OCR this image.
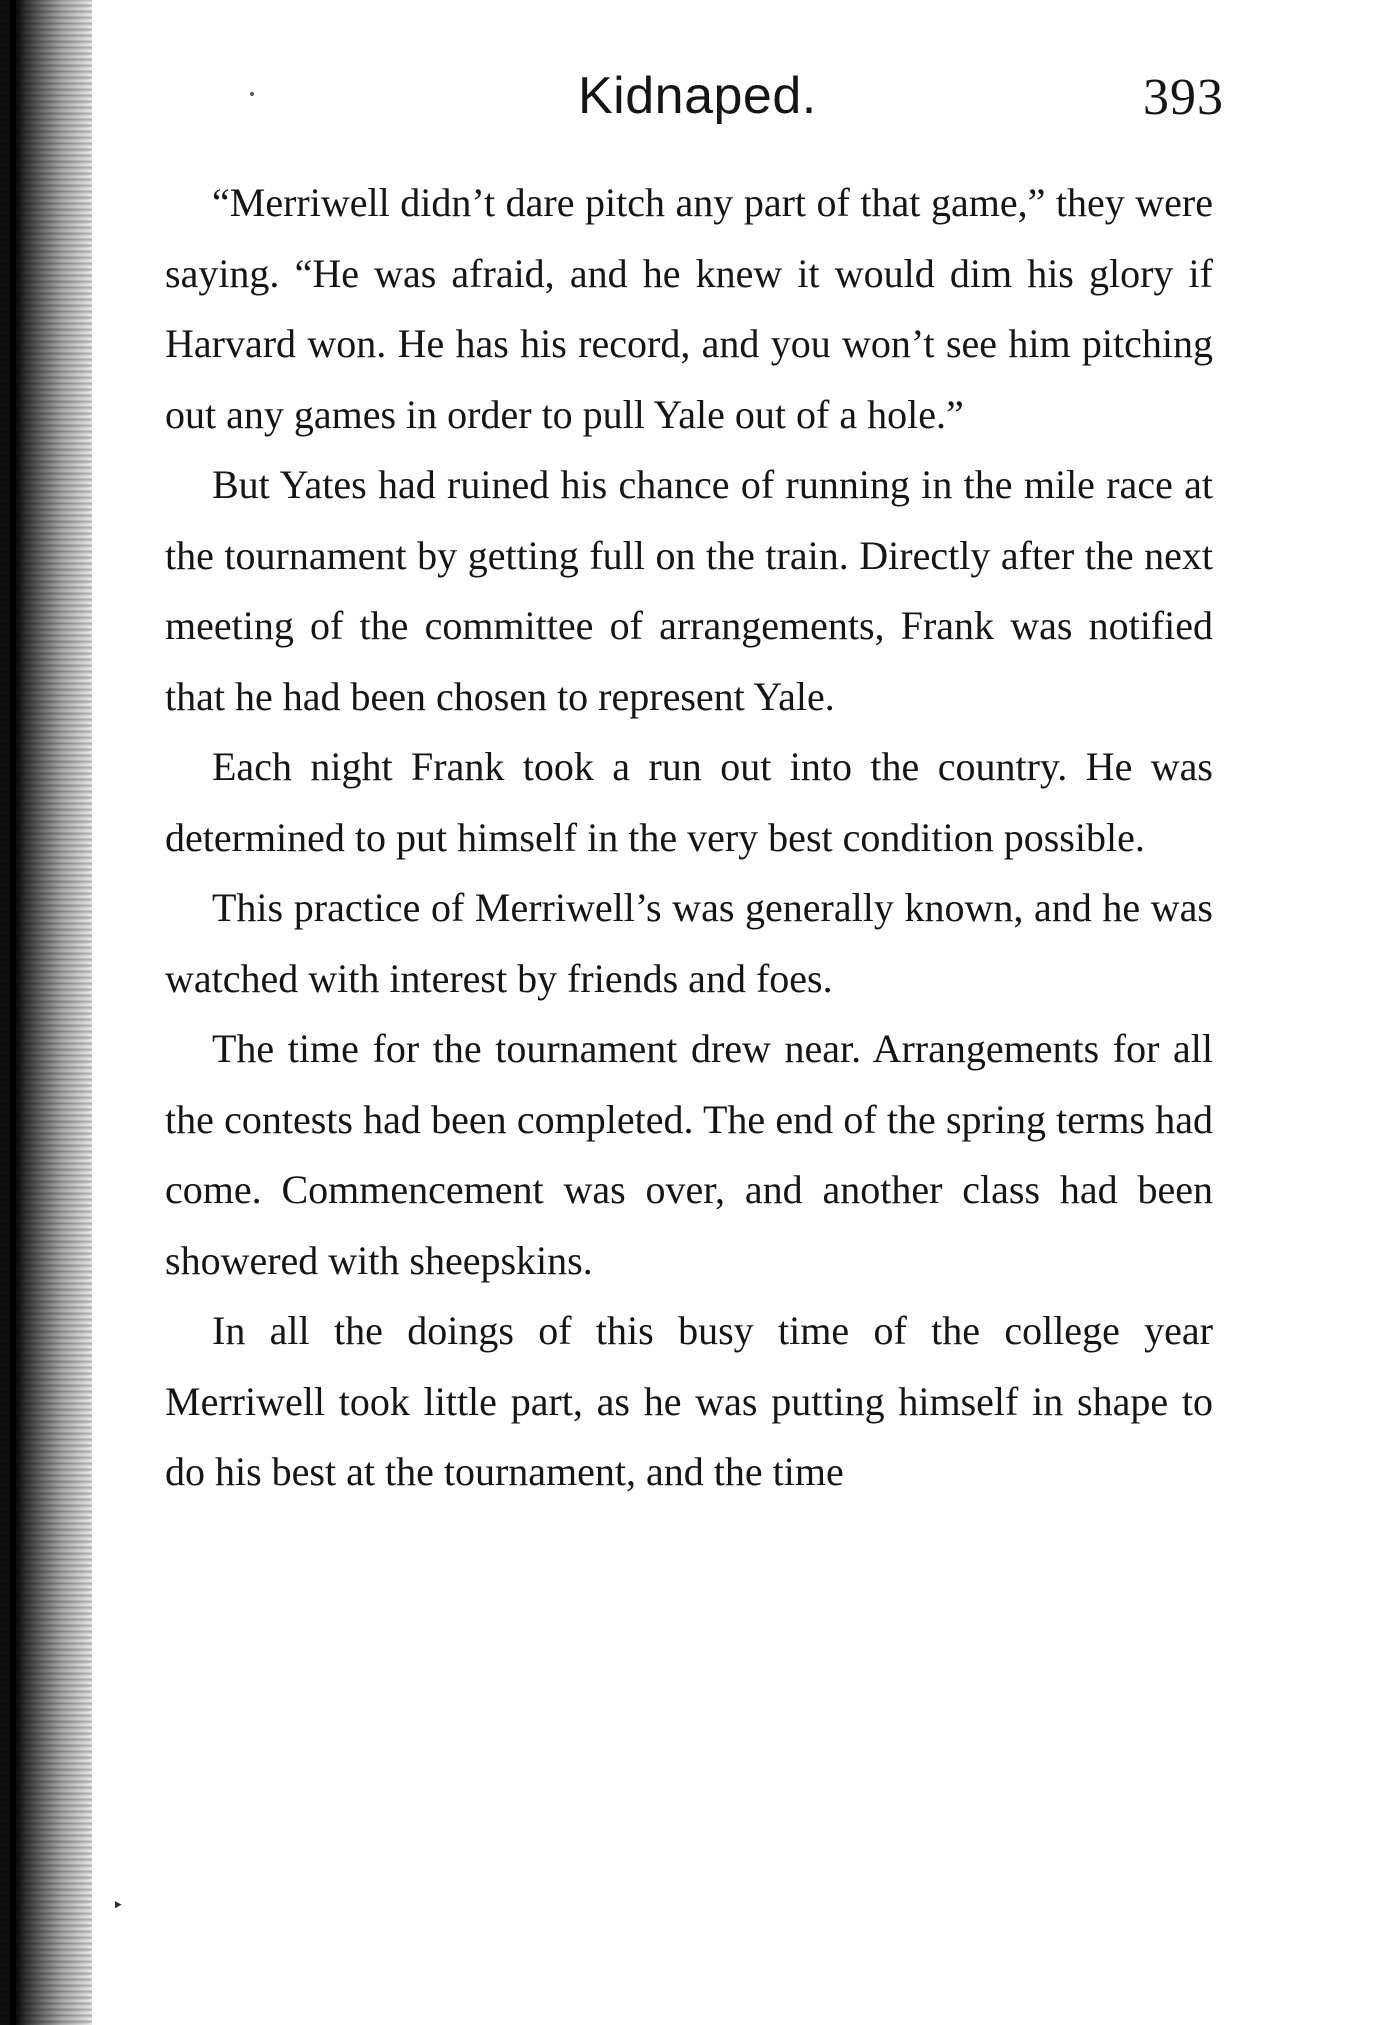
Kidnaped.	393

“Merriwell didn’t dare pitch any part of that game,” they were saying. “He was afraid, and he knew it would dim his glory if Harvard won. He has his record, and you won’t see him pitching out any games in order to pull Yale out of a hole.”

But Yates had ruined his chance of running in the mile race at the tournament by getting full on the train. Directly after the next meeting of the committee of arrangements, Frank was notified that he had been chosen to represent Yale.

Each night Frank took a run out into the country. He was determined to put himself in the very best condition possible.

This practice of Merriwell’s was generally known, and he was watched with interest by friends and foes.

The time for the tournament drew near. Arrangements for all the contests had been completed. The end of the spring terms had come. Commencement was over, and another class had been showered with sheepskins.

In all the doings of this busy time of the college year Merriwell took little part, as he was putting himself in shape to do his best at the tournament, and the time

‣
